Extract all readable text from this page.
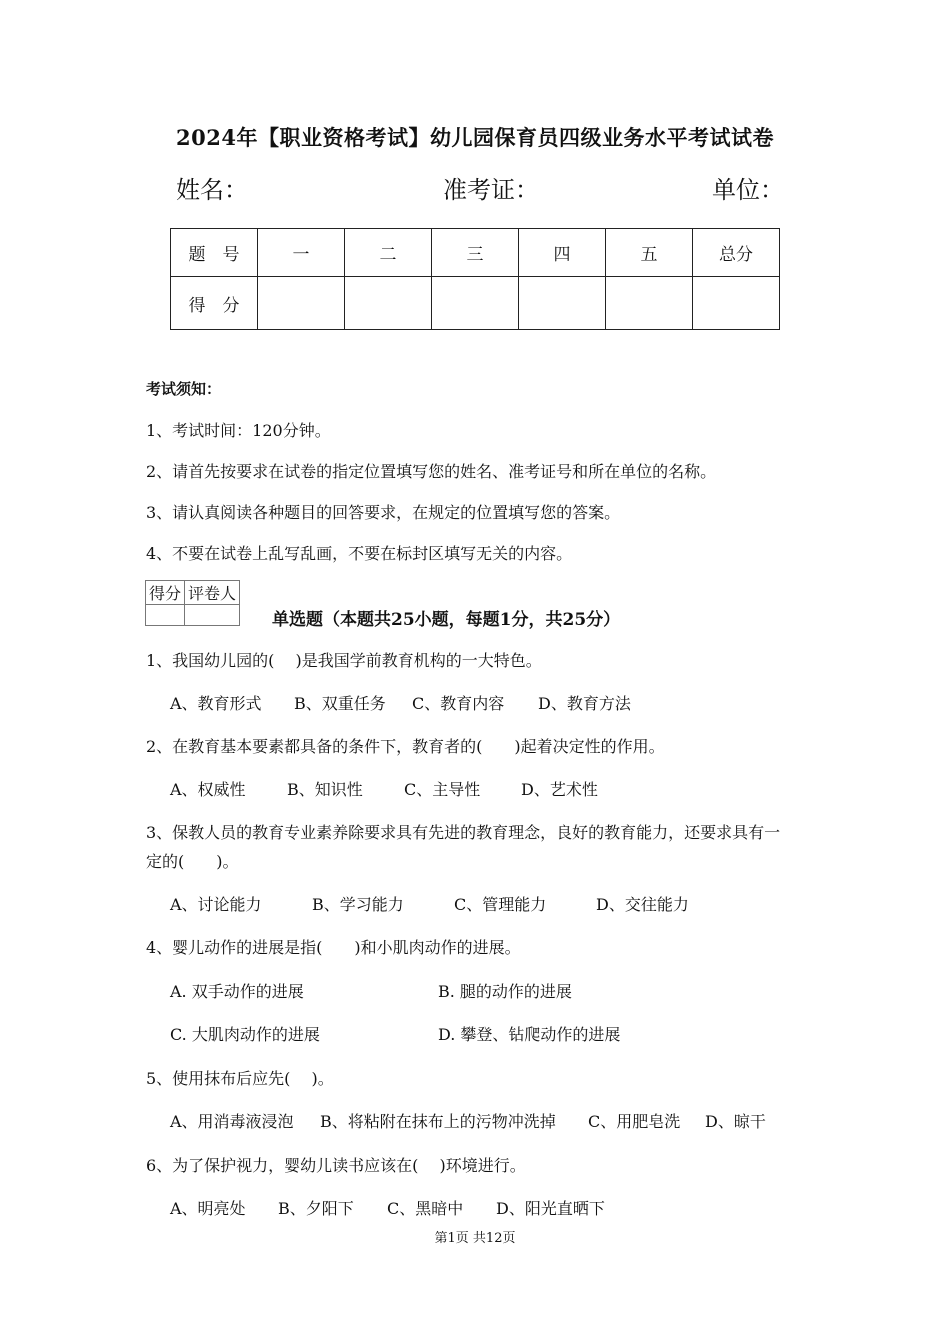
2024年【职业资格考试】幼儿园保育员四级业务水平考试试卷
姓名：	准考证：	单位：
题　号	一	二	三	四	五	总分
得　分						
考试须知：
1、考试时间：120分钟。
2、请首先按要求在试卷的指定位置填写您的姓名、准考证号和所在单位的名称。
3、请认真阅读各种题目的回答要求，在规定的位置填写您的答案。
4、不要在试卷上乱写乱画，不要在标封区填写无关的内容。
得分	评卷人

单选题（本题共25小题，每题1分，共25分）
1、我国幼儿园的(　 )是我国学前教育机构的一大特色。
A、教育形式 B、双重任务 C、教育内容 D、教育方法
2、在教育基本要素都具备的条件下，教育者的(　　)起着决定性的作用。
A、权威性	B、知识性	C、主导性	D、艺术性
3、保教人员的教育专业素养除要求具有先进的教育理念，良好的教育能力，还要求具有一
定的(　　)。
A、讨论能力	B、学习能力	C、管理能力	D、交往能力
4、婴儿动作的进展是指(　　)和小肌肉动作的进展。
A. 双手动作的进展	B. 腿的动作的进展
C. 大肌肉动作的进展	D. 攀登、钻爬动作的进展
5、使用抹布后应先(　 )。
A、用消毒液浸泡 B、将粘附在抹布上的污物冲洗掉 C、用肥皂洗 D、晾干
6、为了保护视力，婴幼儿读书应该在(　 )环境进行。
A、明亮处 B、夕阳下 C、黑暗中 D、阳光直晒下
第1页 共12页
